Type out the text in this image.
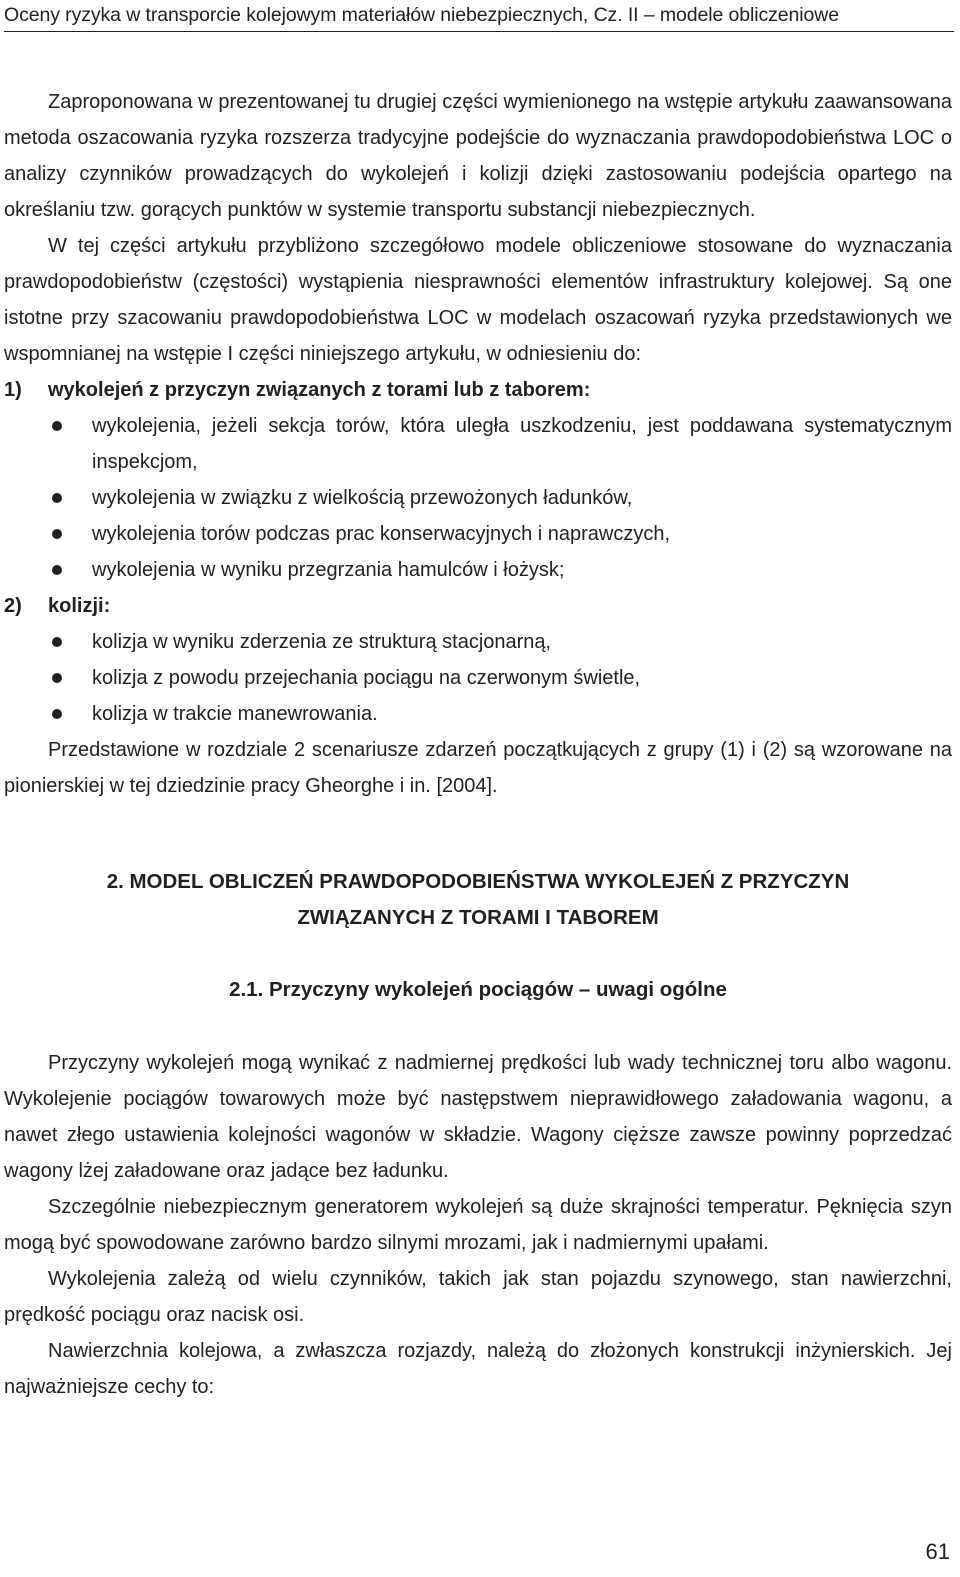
Oceny ryzyka w transporcie kolejowym materiałów niebezpiecznych, Cz. II – modele obliczeniowe

Zaproponowana w prezentowanej tu drugiej części wymienionego na wstępie artykułu zaawansowana metoda oszacowania ryzyka rozszerza tradycyjne podejście do wyznaczania prawdopodobieństwa LOC o analizy czynników prowadzących do wykolejeń i kolizji dzięki zastosowaniu podejścia opartego na określaniu tzw. gorących punktów w systemie transportu substancji niebezpiecznych.

W tej części artykułu przybliżono szczegółowo modele obliczeniowe stosowane do wyznaczania prawdopodobieństw (częstości) wystąpienia niesprawności elementów infrastruktury kolejowej. Są one istotne przy szacowaniu prawdopodobieństwa LOC w modelach oszacowań ryzyka przedstawionych we wspomnianej na wstępie I części niniejszego artykułu, w odniesieniu do:

1)	wykolejeń z przyczyn związanych z torami lub z taborem:
wykolejenia, jeżeli sekcja torów, która uległa uszkodzeniu, jest poddawana systematycznym inspekcjom,
wykolejenia w związku z wielkością przewożonych ładunków,
wykolejenia torów podczas prac konserwacyjnych i naprawczych,
wykolejenia w wyniku przegrzania hamulców i łożysk;
2)	kolizji:
kolizja w wyniku zderzenia ze strukturą stacjonarną,
kolizja z powodu przejechania pociągu na czerwonym świetle,
kolizja w trakcie manewrowania.

Przedstawione w rozdziale 2 scenariusze zdarzeń początkujących z grupy (1) i (2) są wzorowane na pionierskiej w tej dziedzinie pracy Gheorghe i in. [2004].

2. MODEL OBLICZEŃ PRAWDOPODOBIEŃSTWA WYKOLEJEŃ Z PRZYCZYN
ZWIĄZANYCH Z TORAMI I TABOREM
2.1. Przyczyny wykolejeń pociągów – uwagi ogólne

Przyczyny wykolejeń mogą wynikać z nadmiernej prędkości lub wady technicznej toru albo wagonu. Wykolejenie pociągów towarowych może być następstwem nieprawidłowego załadowania wagonu, a nawet złego ustawienia kolejności wagonów w składzie. Wagony cięższe zawsze powinny poprzedzać wagony lżej załadowane oraz jadące bez ładunku.

Szczególnie niebezpiecznym generatorem wykolejeń są duże skrajności temperatur. Pęknięcia szyn mogą być spowodowane zarówno bardzo silnymi mrozami, jak i nadmiernymi upałami.

Wykolejenia zależą od wielu czynników, takich jak stan pojazdu szynowego, stan nawierzchni, prędkość pociągu oraz nacisk osi.

Nawierzchnia kolejowa, a zwłaszcza rozjazdy, należą do złożonych konstrukcji inżynierskich. Jej najważniejsze cechy to:

61
